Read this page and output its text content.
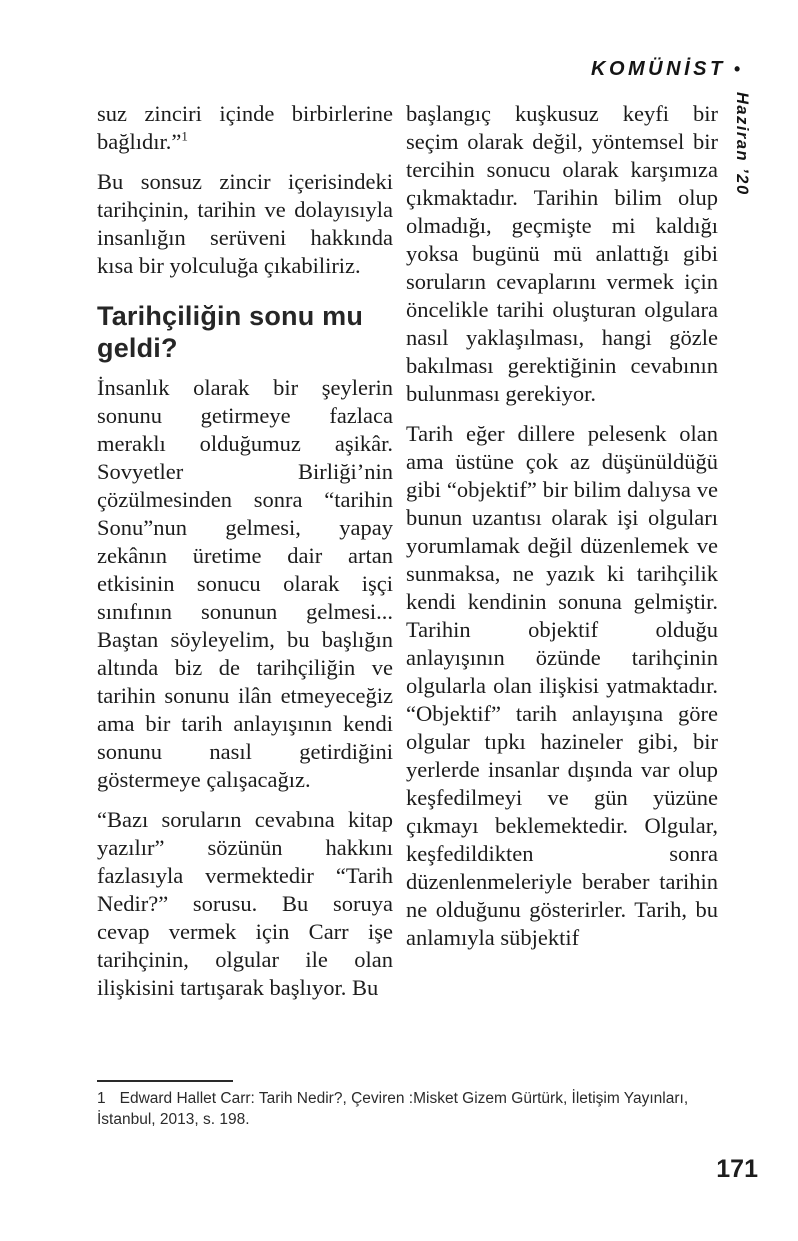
KOMÜNİST •
Haziran ’20

suz zinciri içinde birbirlerine bağlıdır.”$^1$

Bu sonsuz zincir içerisindeki tarihçinin, tarihin ve dolayısıyla insanlığın serüveni hakkında kısa bir yolculuğa çıkabiliriz.

Tarihçiliğin sonu mu geldi?

İnsanlık olarak bir şeylerin sonunu getirmeye fazlaca meraklı olduğumuz aşikâr. Sovyetler Birliği’nin çözülmesinden sonra “tarihin Sonu”nun gelmesi, yapay zekânın üretime dair artan etkisinin sonucu olarak işçi sınıfının sonunun gelmesi... Baştan söyleyelim, bu başlığın altında biz de tarihçiliğin ve tarihin sonunu ilân etmeyeceğiz ama bir tarih anlayışının kendi sonunu nasıl getirdiğini göstermeye çalışacağız.

“Bazı soruların cevabına kitap yazılır” sözünün hakkını fazlasıyla vermektedir “Tarih Nedir?” sorusu. Bu soruya cevap vermek için Carr işe tarihçinin, olgular ile olan ilişkisini tartışarak başlıyor. Bu

başlangıç kuşkusuz keyfi bir seçim olarak değil, yöntemsel bir tercihin sonucu olarak karşımıza çıkmaktadır. Tarihin bilim olup olmadığı, geçmişte mi kaldığı yoksa bugünü mü anlattığı gibi soruların cevaplarını vermek için öncelikle tarihi oluşturan olgulara nasıl yaklaşılması, hangi gözle bakılması gerektiğinin cevabının bulunması gerekiyor.

Tarih eğer dillere pelesenk olan ama üstüne çok az düşünüldüğü gibi “objektif” bir bilim dalıysa ve bunun uzantısı olarak işi olguları yorumlamak değil düzenlemek ve sunmaksa, ne yazık ki tarihçilik kendi kendinin sonuna gelmiştir. Tarihin objektif olduğu anlayışının özünde tarihçinin olgularla olan ilişkisi yatmaktadır. “Objektif” tarih anlayışına göre olgular tıpkı hazineler gibi, bir yerlerde insanlar dışında var olup keşfedilmeyi ve gün yüzüne çıkmayı beklemektedir. Olgular, keşfedildikten sonra düzenlenmeleriyle beraber tarihin ne olduğunu gösterirler. Tarih, bu anlamıyla sübjektif

1 Edward Hallet Carr: Tarih Nedir?, Çeviren :Misket Gizem Gürtürk, İletişim Yayınları, İstanbul, 2013, s. 198.

171
